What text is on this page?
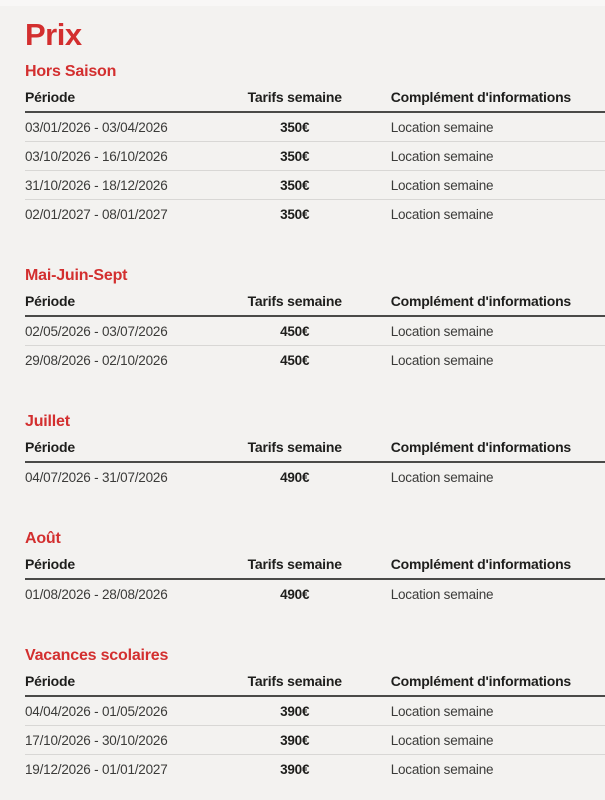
Prix
Hors Saison
Période	Tarifs semaine	Complément d'informations
03/01/2026 - 03/04/2026	350€	Location semaine
03/10/2026 - 16/10/2026	350€	Location semaine
31/10/2026 - 18/12/2026	350€	Location semaine
02/01/2027 - 08/01/2027	350€	Location semaine
Mai-Juin-Sept
Période	Tarifs semaine	Complément d'informations
02/05/2026 - 03/07/2026	450€	Location semaine
29/08/2026 - 02/10/2026	450€	Location semaine
Juillet
Période	Tarifs semaine	Complément d'informations
04/07/2026 - 31/07/2026	490€	Location semaine
Août
Période	Tarifs semaine	Complément d'informations
01/08/2026 - 28/08/2026	490€	Location semaine
Vacances scolaires
Période	Tarifs semaine	Complément d'informations
04/04/2026 - 01/05/2026	390€	Location semaine
17/10/2026 - 30/10/2026	390€	Location semaine
19/12/2026 - 01/01/2027	390€	Location semaine
